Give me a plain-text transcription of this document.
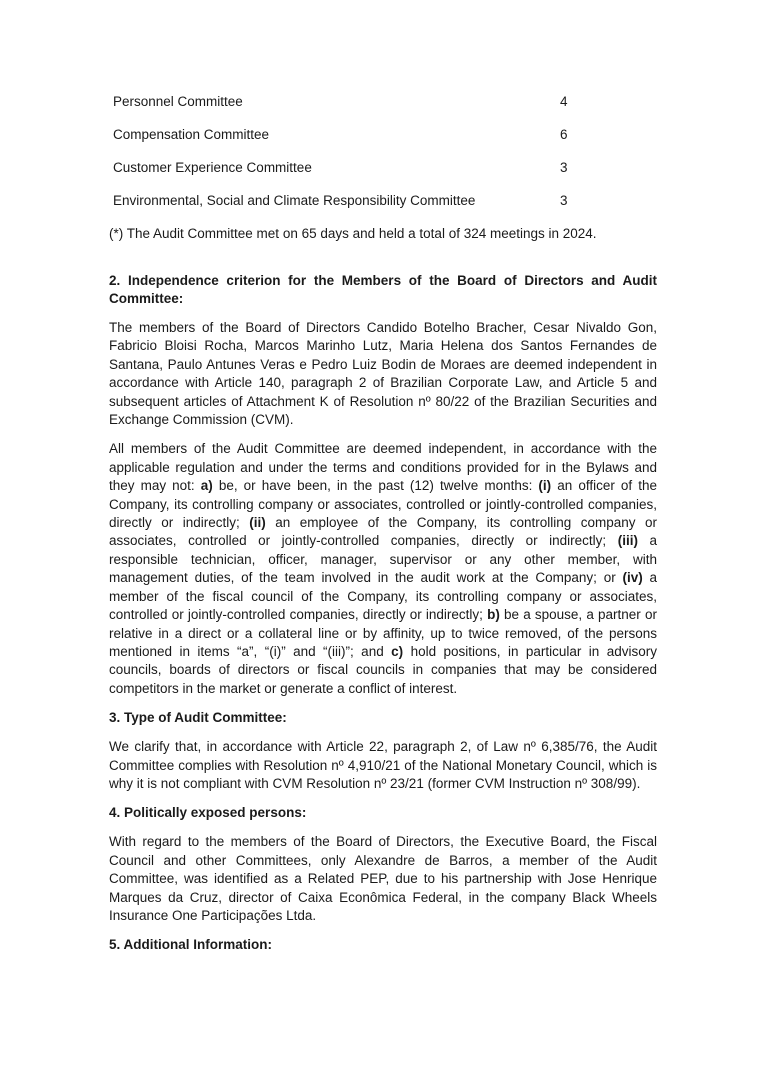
Personnel Committee	4
Compensation Committee	6
Customer Experience Committee	3
Environmental, Social and Climate Responsibility Committee	3
(*) The Audit Committee met on 65 days and held a total of 324 meetings in 2024.
2. Independence criterion for the Members of the Board of Directors and Audit Committee:

The members of the Board of Directors Candido Botelho Bracher, Cesar Nivaldo Gon, Fabricio Bloisi Rocha, Marcos Marinho Lutz, Maria Helena dos Santos Fernandes de Santana, Paulo Antunes Veras e Pedro Luiz Bodin de Moraes are deemed independent in accordance with Article 140, paragraph 2 of Brazilian Corporate Law, and Article 5 and subsequent articles of Attachment K of Resolution nº 80/22 of the Brazilian Securities and Exchange Commission (CVM).

All members of the Audit Committee are deemed independent, in accordance with the applicable regulation and under the terms and conditions provided for in the Bylaws and they may not: a) be, or have been, in the past (12) twelve months: (i) an officer of the Company, its controlling company or associates, controlled or jointly-controlled companies, directly or indirectly; (ii) an employee of the Company, its controlling company or associates, controlled or jointly-controlled companies, directly or indirectly; (iii) a responsible technician, officer, manager, supervisor or any other member, with management duties, of the team involved in the audit work at the Company; or (iv) a member of the fiscal council of the Company, its controlling company or associates, controlled or jointly-controlled companies, directly or indirectly; b) be a spouse, a partner or relative in a direct or a collateral line or by affinity, up to twice removed, of the persons mentioned in items “a”, “(i)” and “(iii)”; and c) hold positions, in particular in advisory councils, boards of directors or fiscal councils in companies that may be considered competitors in the market or generate a conflict of interest.

3. Type of Audit Committee:

We clarify that, in accordance with Article 22, paragraph 2, of Law nº 6,385/76, the Audit Committee complies with Resolution nº 4,910/21 of the National Monetary Council, which is why it is not compliant with CVM Resolution nº 23/21 (former CVM Instruction nº 308/99).

4. Politically exposed persons:

With regard to the members of the Board of Directors, the Executive Board, the Fiscal Council and other Committees, only Alexandre de Barros, a member of the Audit Committee, was identified as a Related PEP, due to his partnership with Jose Henrique Marques da Cruz, director of Caixa Econômica Federal, in the company Black Wheels Insurance One Participações Ltda.

5. Additional Information:
